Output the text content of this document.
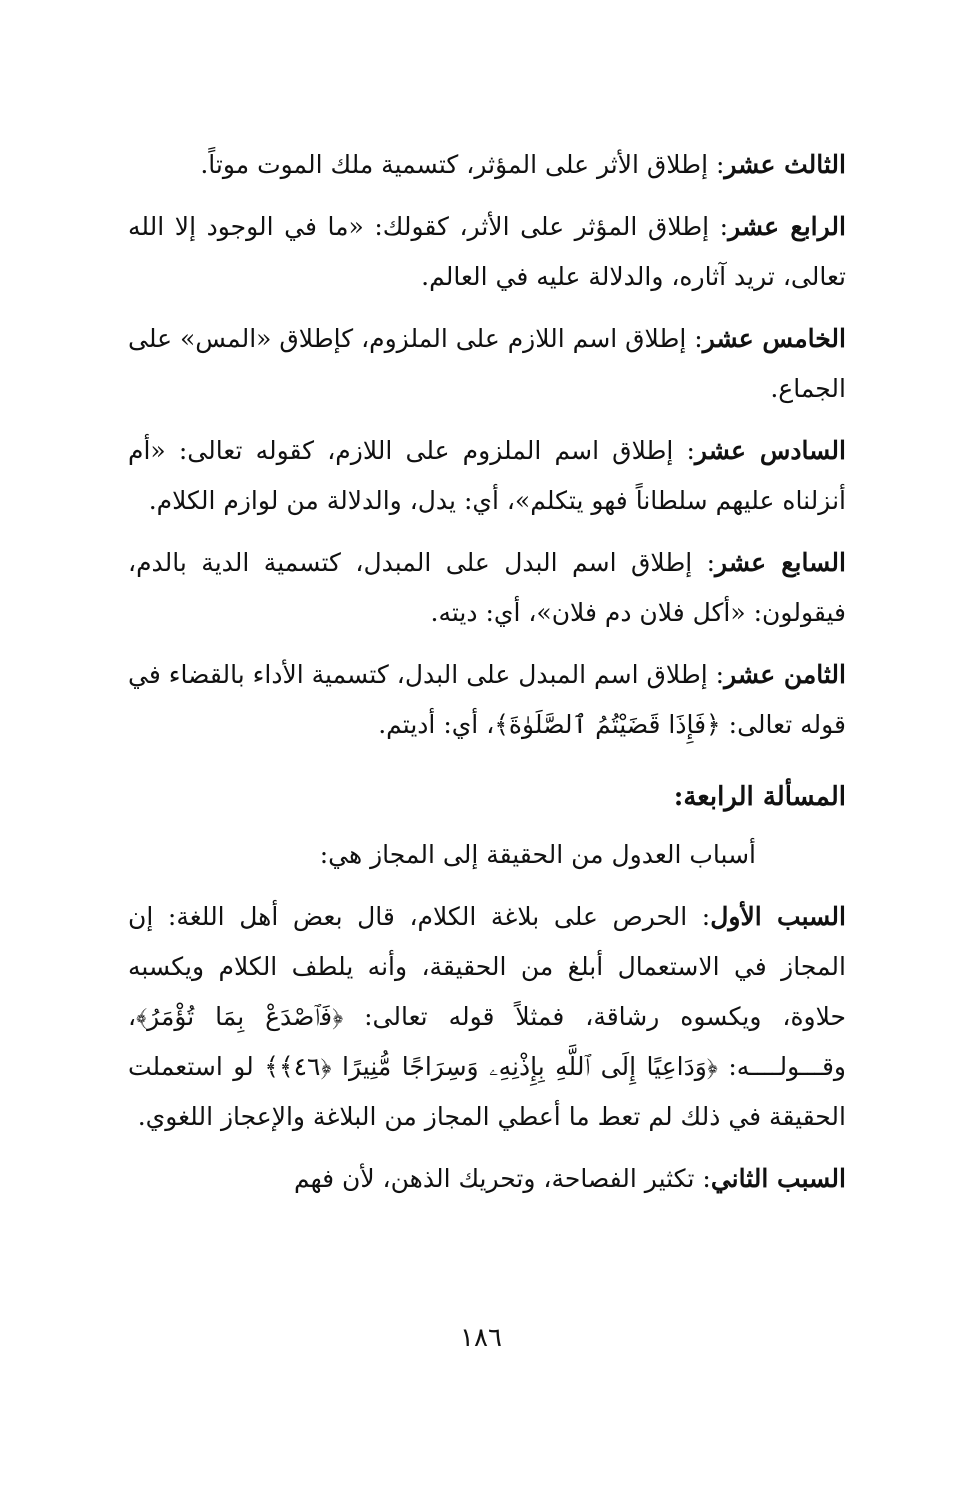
الثالث عشر: إطلاق الأثر على المؤثر، كتسمية ملك الموت موتاً.

الرابع عشر: إطلاق المؤثر على الأثر، كقولك: «ما في الوجود إلا الله تعالى، تريد آثاره، والدلالة عليه في العالم.

الخامس عشر: إطلاق اسم اللازم على الملزوم، كإطلاق «المس» على الجماع.

السادس عشر: إطلاق اسم الملزوم على اللازم، كقوله تعالى: «أم أنزلناه عليهم سلطاناً فهو يتكلم»، أي: يدل، والدلالة من لوازم الكلام.

السابع عشر: إطلاق اسم البدل على المبدل، كتسمية الدية بالدم، فيقولون: «أكل فلان دم فلان»، أي: ديته.

الثامن عشر: إطلاق اسم المبدل على البدل، كتسمية الأداء بالقضاء في قوله تعالى: ﴿فَإِذَا قَضَيْتُمُ ٱلصَّلَوٰةَ﴾، أي: أديتم.

المسألة الرابعة:

أسباب العدول من الحقيقة إلى المجاز هي:

السبب الأول: الحرص على بلاغة الكلام، قال بعض أهل اللغة: إن المجاز في الاستعمال أبلغ من الحقيقة، وأنه يلطف الكلام ويكسبه حلاوة، ويكسوه رشاقة، فمثلاً قوله تعالى: ﴿فَٱصْدَعْ بِمَا تُؤْمَرُ﴾، وقـــولــــه: ﴿وَدَاعِيًا إِلَى ٱللَّهِ بِإِذْنِهِۦ وَسِرَاجًا مُّنِيرًا ﴿٤٦﴾﴾ لو استعملت الحقيقة في ذلك لم تعط ما أعطي المجاز من البلاغة والإعجاز اللغوي.

السبب الثاني: تكثير الفصاحة، وتحريك الذهن، لأن فهم

١٨٦
